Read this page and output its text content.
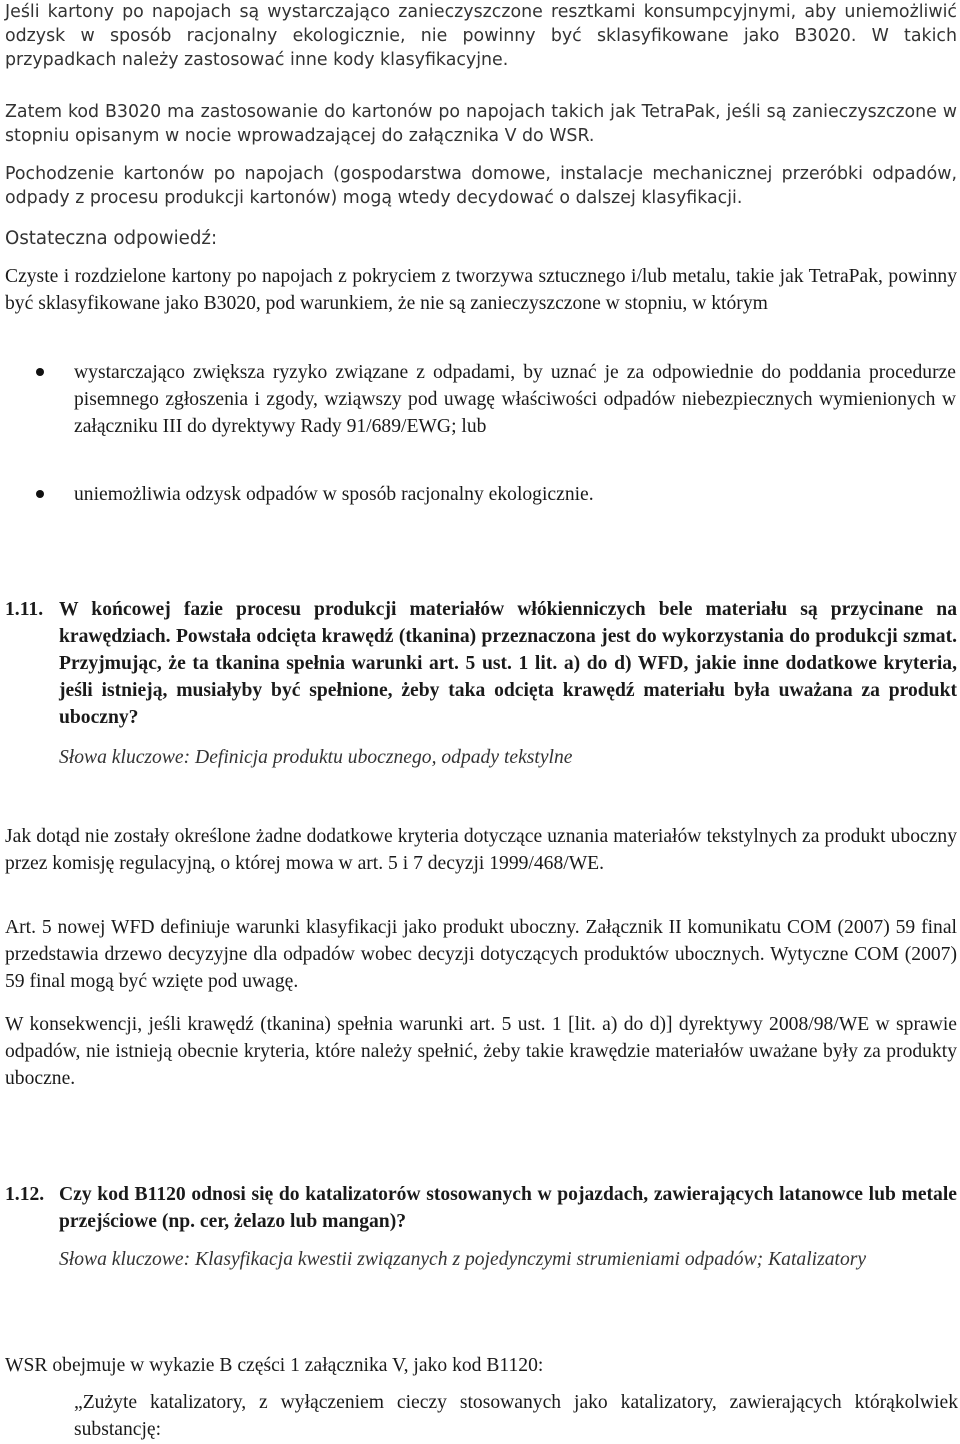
Jeśli kartony po napojach są wystarczająco zanieczyszczone resztkami konsumpcyjnymi, aby uniemożliwić odzysk w sposób racjonalny ekologicznie, nie powinny być sklasyfikowane jako B3020. W takich przypadkach należy zastosować inne kody klasyfikacyjne.

Zatem kod B3020 ma zastosowanie do kartonów po napojach takich jak TetraPak, jeśli są zanieczyszczone w stopniu opisanym w nocie wprowadzającej do załącznika V do WSR.

Pochodzenie kartonów po napojach (gospodarstwa domowe, instalacje mechanicznej przeróbki odpadów, odpady z procesu produkcji kartonów) mogą wtedy decydować o dalszej klasyfikacji.

Ostateczna odpowiedź:

Czyste i rozdzielone kartony po napojach z pokryciem z tworzywa sztucznego i/lub metalu, takie jak TetraPak, powinny być sklasyfikowane jako B3020, pod warunkiem, że nie są zanieczyszczone w stopniu, w którym

wystarczająco zwiększa ryzyko związane z odpadami, by uznać je za odpowiednie do poddania procedurze pisemnego zgłoszenia i zgody, wziąwszy pod uwagę właściwości odpadów niebezpiecznych wymienionych w załączniku III do dyrektywy Rady 91/689/EWG; lub

uniemożliwia odzysk odpadów w sposób racjonalny ekologicznie.

1.11. W końcowej fazie procesu produkcji materiałów włókienniczych bele materiału są przycinane na krawędziach. Powstała odcięta krawędź (tkanina) przeznaczona jest do wykorzystania do produkcji szmat. Przyjmując, że ta tkanina spełnia warunki art. 5 ust. 1 lit. a) do d) WFD, jakie inne dodatkowe kryteria, jeśli istnieją, musiałyby być spełnione, żeby taka odcięta krawędź materiału była uważana za produkt uboczny?

Słowa kluczowe: Definicja produktu ubocznego, odpady tekstylne

Jak dotąd nie zostały określone żadne dodatkowe kryteria dotyczące uznania materiałów tekstylnych za produkt uboczny przez komisję regulacyjną, o której mowa w art. 5 i 7 decyzji 1999/468/WE.

Art. 5 nowej WFD definiuje warunki klasyfikacji jako produkt uboczny. Załącznik II komunikatu COM (2007) 59 final przedstawia drzewo decyzyjne dla odpadów wobec decyzji dotyczących produktów ubocznych. Wytyczne COM (2007) 59 final mogą być wzięte pod uwagę.

W konsekwencji, jeśli krawędź (tkanina) spełnia warunki art. 5 ust. 1 [lit. a) do d)] dyrektywy 2008/98/WE w sprawie odpadów, nie istnieją obecnie kryteria, które należy spełnić, żeby takie krawędzie materiałów uważane były za produkty uboczne.

1.12. Czy kod B1120 odnosi się do katalizatorów stosowanych w pojazdach, zawierających latanowce lub metale przejściowe (np. cer, żelazo lub mangan)?

Słowa kluczowe: Klasyfikacja kwestii związanych z pojedynczymi strumieniami odpadów; Katalizatory

WSR obejmuje w wykazie B części 1 załącznika V, jako kod B1120:

„Zużyte katalizatory, z wyłączeniem cieczy stosowanych jako katalizatory, zawierających którąkolwiek substancję:
